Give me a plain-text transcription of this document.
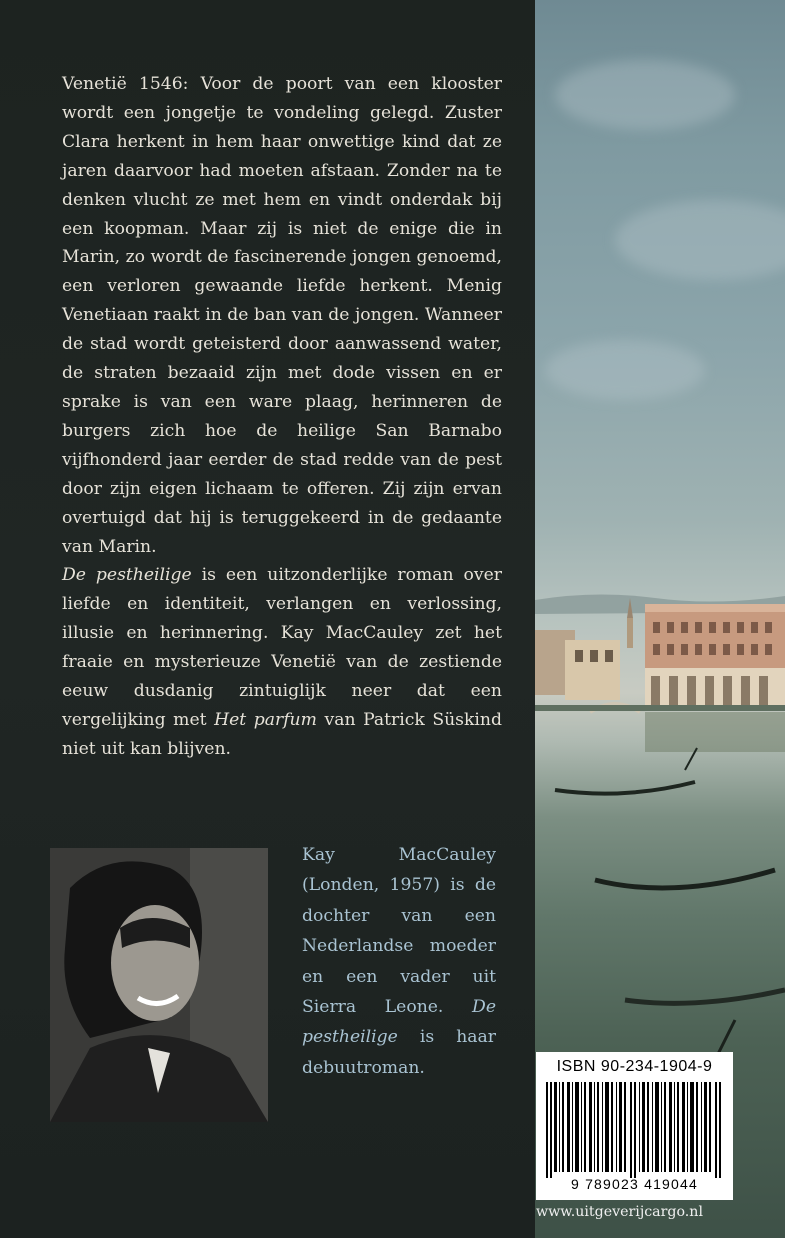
Venetië 1546: Voor de poort van een klooster wordt een jongetje te vondeling gelegd. Zuster Clara herkent in hem haar onwettige kind dat ze jaren daarvoor had moeten afstaan. Zonder na te denken vlucht ze met hem en vindt onderdak bij een koopman. Maar zij is niet de enige die in Marin, zo wordt de fascinerende jongen genoemd, een verloren gewaande liefde herkent. Menig Venetiaan raakt in de ban van de jongen. Wanneer de stad wordt geteisterd door aanwassend water, de straten bezaaid zijn met dode vissen en er sprake is van een ware plaag, herinneren de burgers zich hoe de heilige San Barnabo vijfhonderd jaar eerder de stad redde van de pest door zijn eigen lichaam te offeren. Zij zijn ervan overtuigd dat hij is teruggekeerd in de gedaante van Marin.

De pestheilige is een uitzonderlijke roman over liefde en identiteit, verlangen en verlossing, illusie en herinnering. Kay MacCauley zet het fraaie en mysterieuze Venetië van de zestiende eeuw dusdanig zintuiglijk neer dat een vergelijking met Het parfum van Patrick Süskind niet uit kan blijven.

Kay MacCauley (Londen, 1957) is de dochter van een Nederlandse moeder en een vader uit Sierra Leone. De pestheilige is haar debuutroman.	ISBN 90-234-1904-9
9 789023 419044
www.uitgeverijcargo.nl
